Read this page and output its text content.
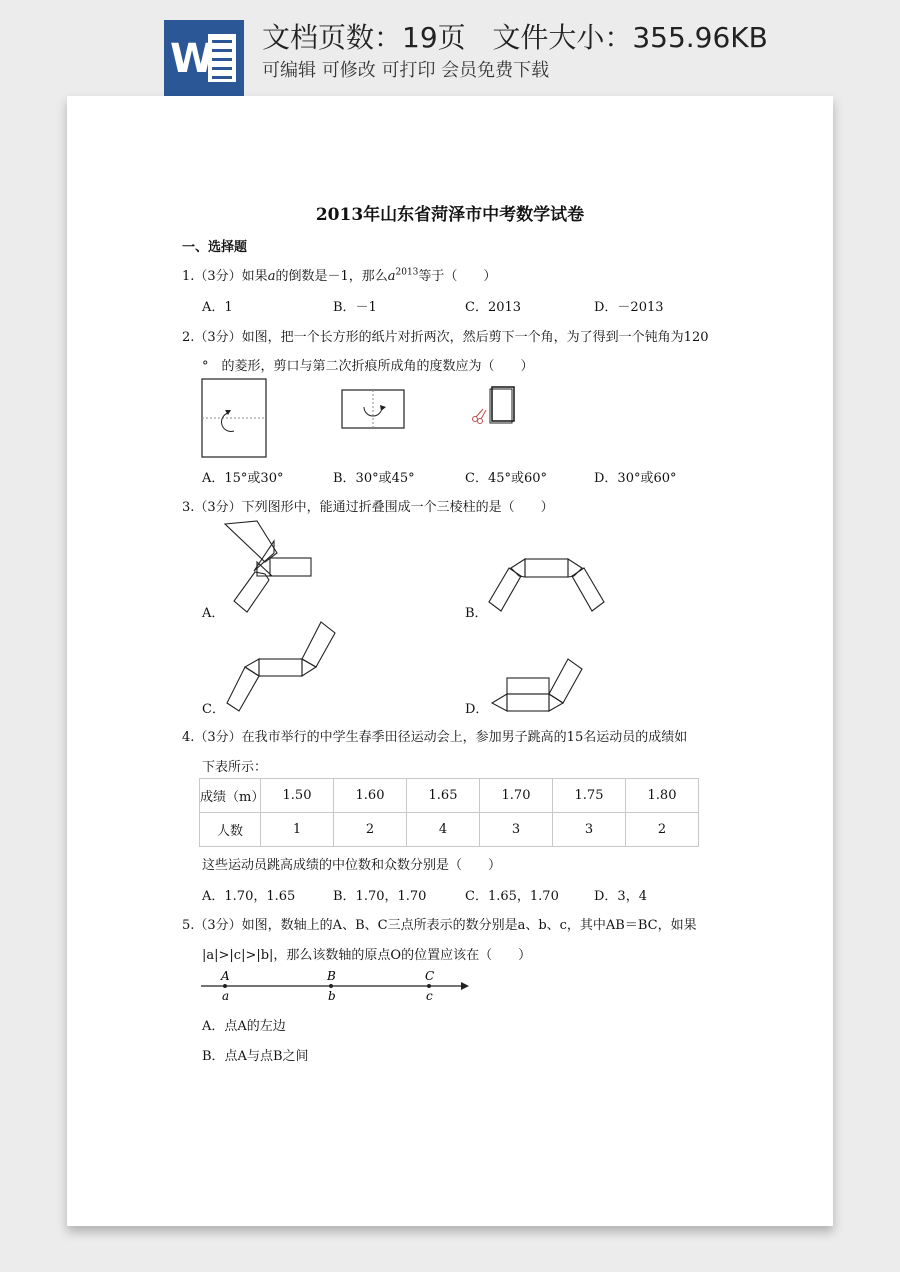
W 文档页数：19页   文件大小：355.96KB
可编辑 可修改 可打印 会员免费下载
2013年山东省菏泽市中考数学试卷
一、选择题
1.（3分）如果a的倒数是－1，那么$a^{2013}$等于（　　）
A．1	B．－1	C．2013	D．－2013
2.（3分）如图，把一个长方形的纸片对折两次，然后剪下一个角，为了得到一个钝角为120
°　的菱形，剪口与第二次折痕所成角的度数应为（　　）
A．15°或30°	B．30°或45°	C．45°或60°	D．30°或60°
3.（3分）下列图形中，能通过折叠围成一个三棱柱的是（　　）
A．	B．
C．	D．
4.（3分）在我市举行的中学生春季田径运动会上，参加男子跳高的15名运动员的成绩如
下表所示：
成绩（m）	1.50	1.60	1.65	1.70	1.75	1.80
人数	1	2	4	3	3	2
这些运动员跳高成绩的中位数和众数分别是（　　）
A．1.70，1.65	B．1.70，1.70	C．1.65，1.70	D．3，4
5.（3分）如图，数轴上的A、B、C三点所表示的数分别是a、b、c，其中AB＝BC，如果
|a|>|c|>|b|，那么该数轴的原点O的位置应该在（　　）
A	B	C
a	b	c
A．点A的左边
B．点A与点B之间
